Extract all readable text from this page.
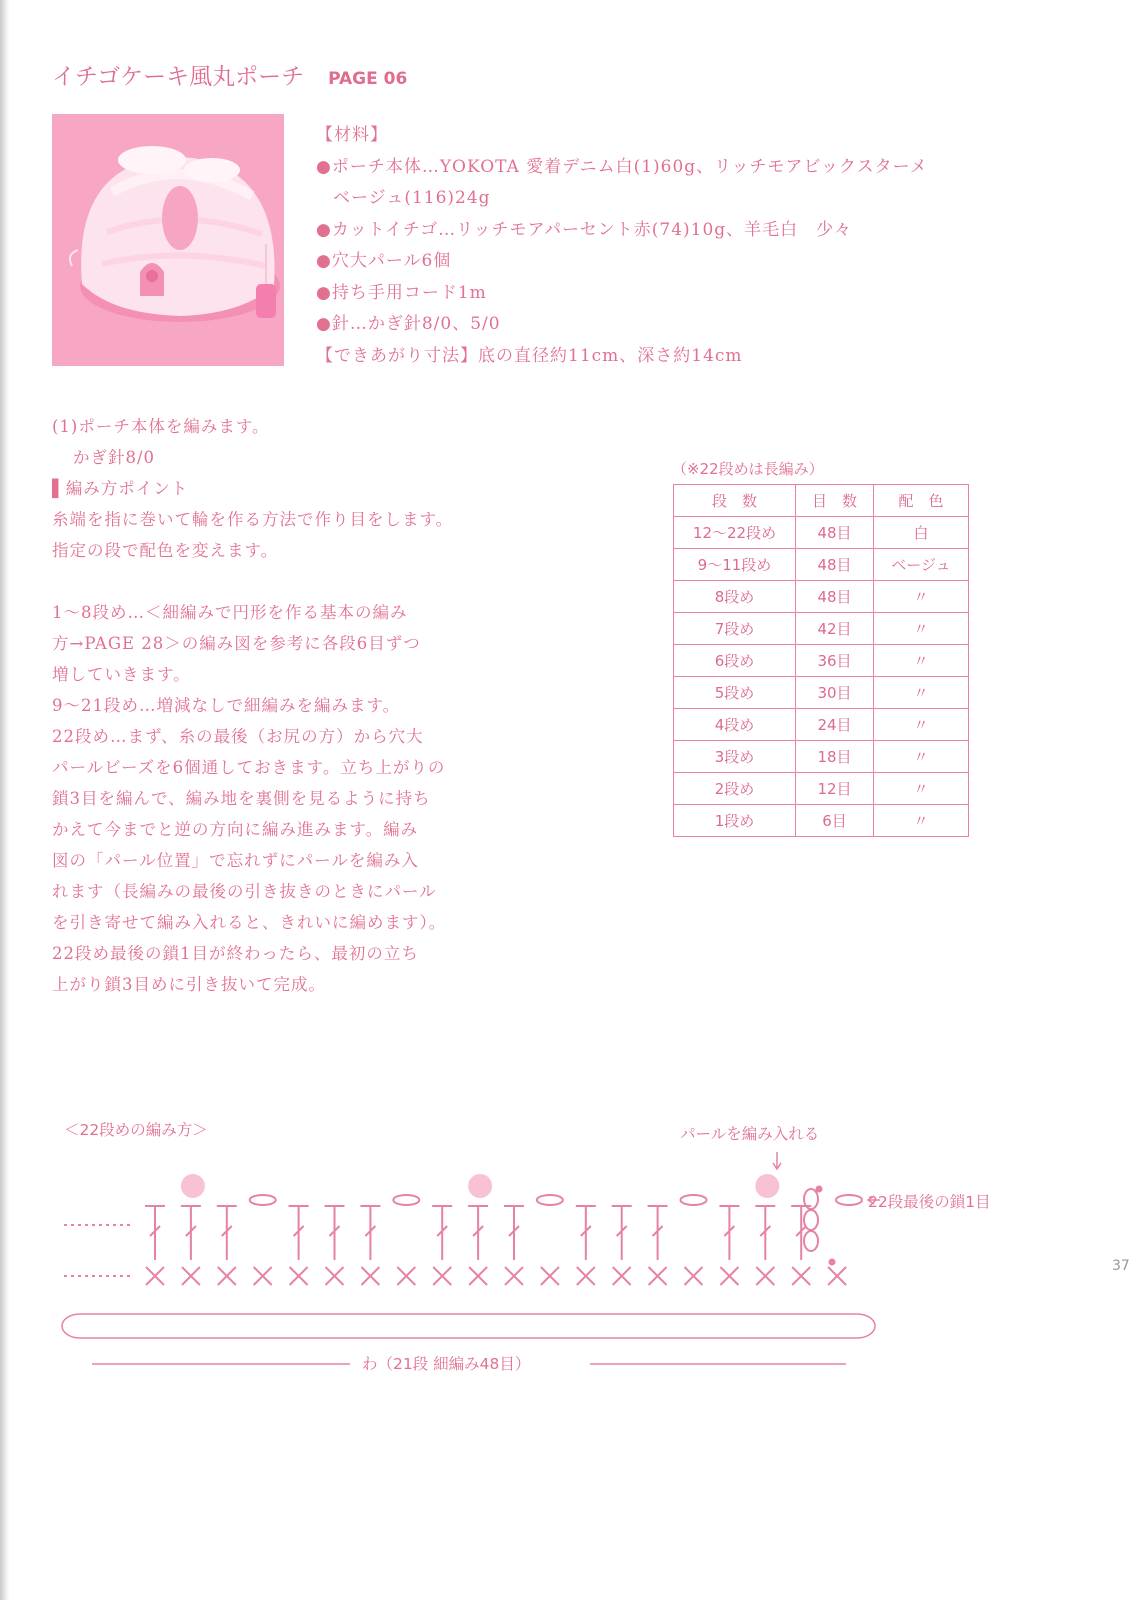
イチゴケーキ風丸ポーチ PAGE 06
【材料】
●ポーチ本体…YOKOTA 愛着デニム白(1)60g、リッチモアビックスターメ
ベージュ(116)24g
●カットイチゴ…リッチモアパーセント赤(74)10g、羊毛白　少々
●穴大パール6個
●持ち手用コード1m
●針…かぎ針8/0、5/0
【できあがり寸法】底の直径約11cm、深さ約14cm
(1)ポーチ本体を編みます。
かぎ針8/0
▌編み方ポイント
糸端を指に巻いて輪を作る方法で作り目をします。
指定の段で配色を変えます。
1～8段め…＜細編みで円形を作る基本の編み
方→PAGE 28＞の編み図を参考に各段6目ずつ
増していきます。
9～21段め…増減なしで細編みを編みます。
22段め…まず、糸の最後（お尻の方）から穴大
パールビーズを6個通しておきます。立ち上がりの
鎖3目を編んで、編み地を裏側を見るように持ち
かえて今までと逆の方向に編み進みます。編み
図の「パール位置」で忘れずにパールを編み入
れます（長編みの最後の引き抜きのときにパール
を引き寄せて編み入れると、きれいに編めます）。
22段め最後の鎖1目が終わったら、最初の立ち
上がり鎖3目めに引き抜いて完成。
（※22段めは長編み）
段　数	目　数	配　色
12～22段め	48目	白
9～11段め	48目	ベージュ
8段め	48目	〃
7段め	42目	〃
6段め	36目	〃
5段め	30目	〃
4段め	24目	〃
3段め	18目	〃
2段め	12目	〃
1段め	6目	〃
＜22段めの編み方＞	パールを編み入れる
22段最後の鎖1目
わ（21段 細編み48目）
37
